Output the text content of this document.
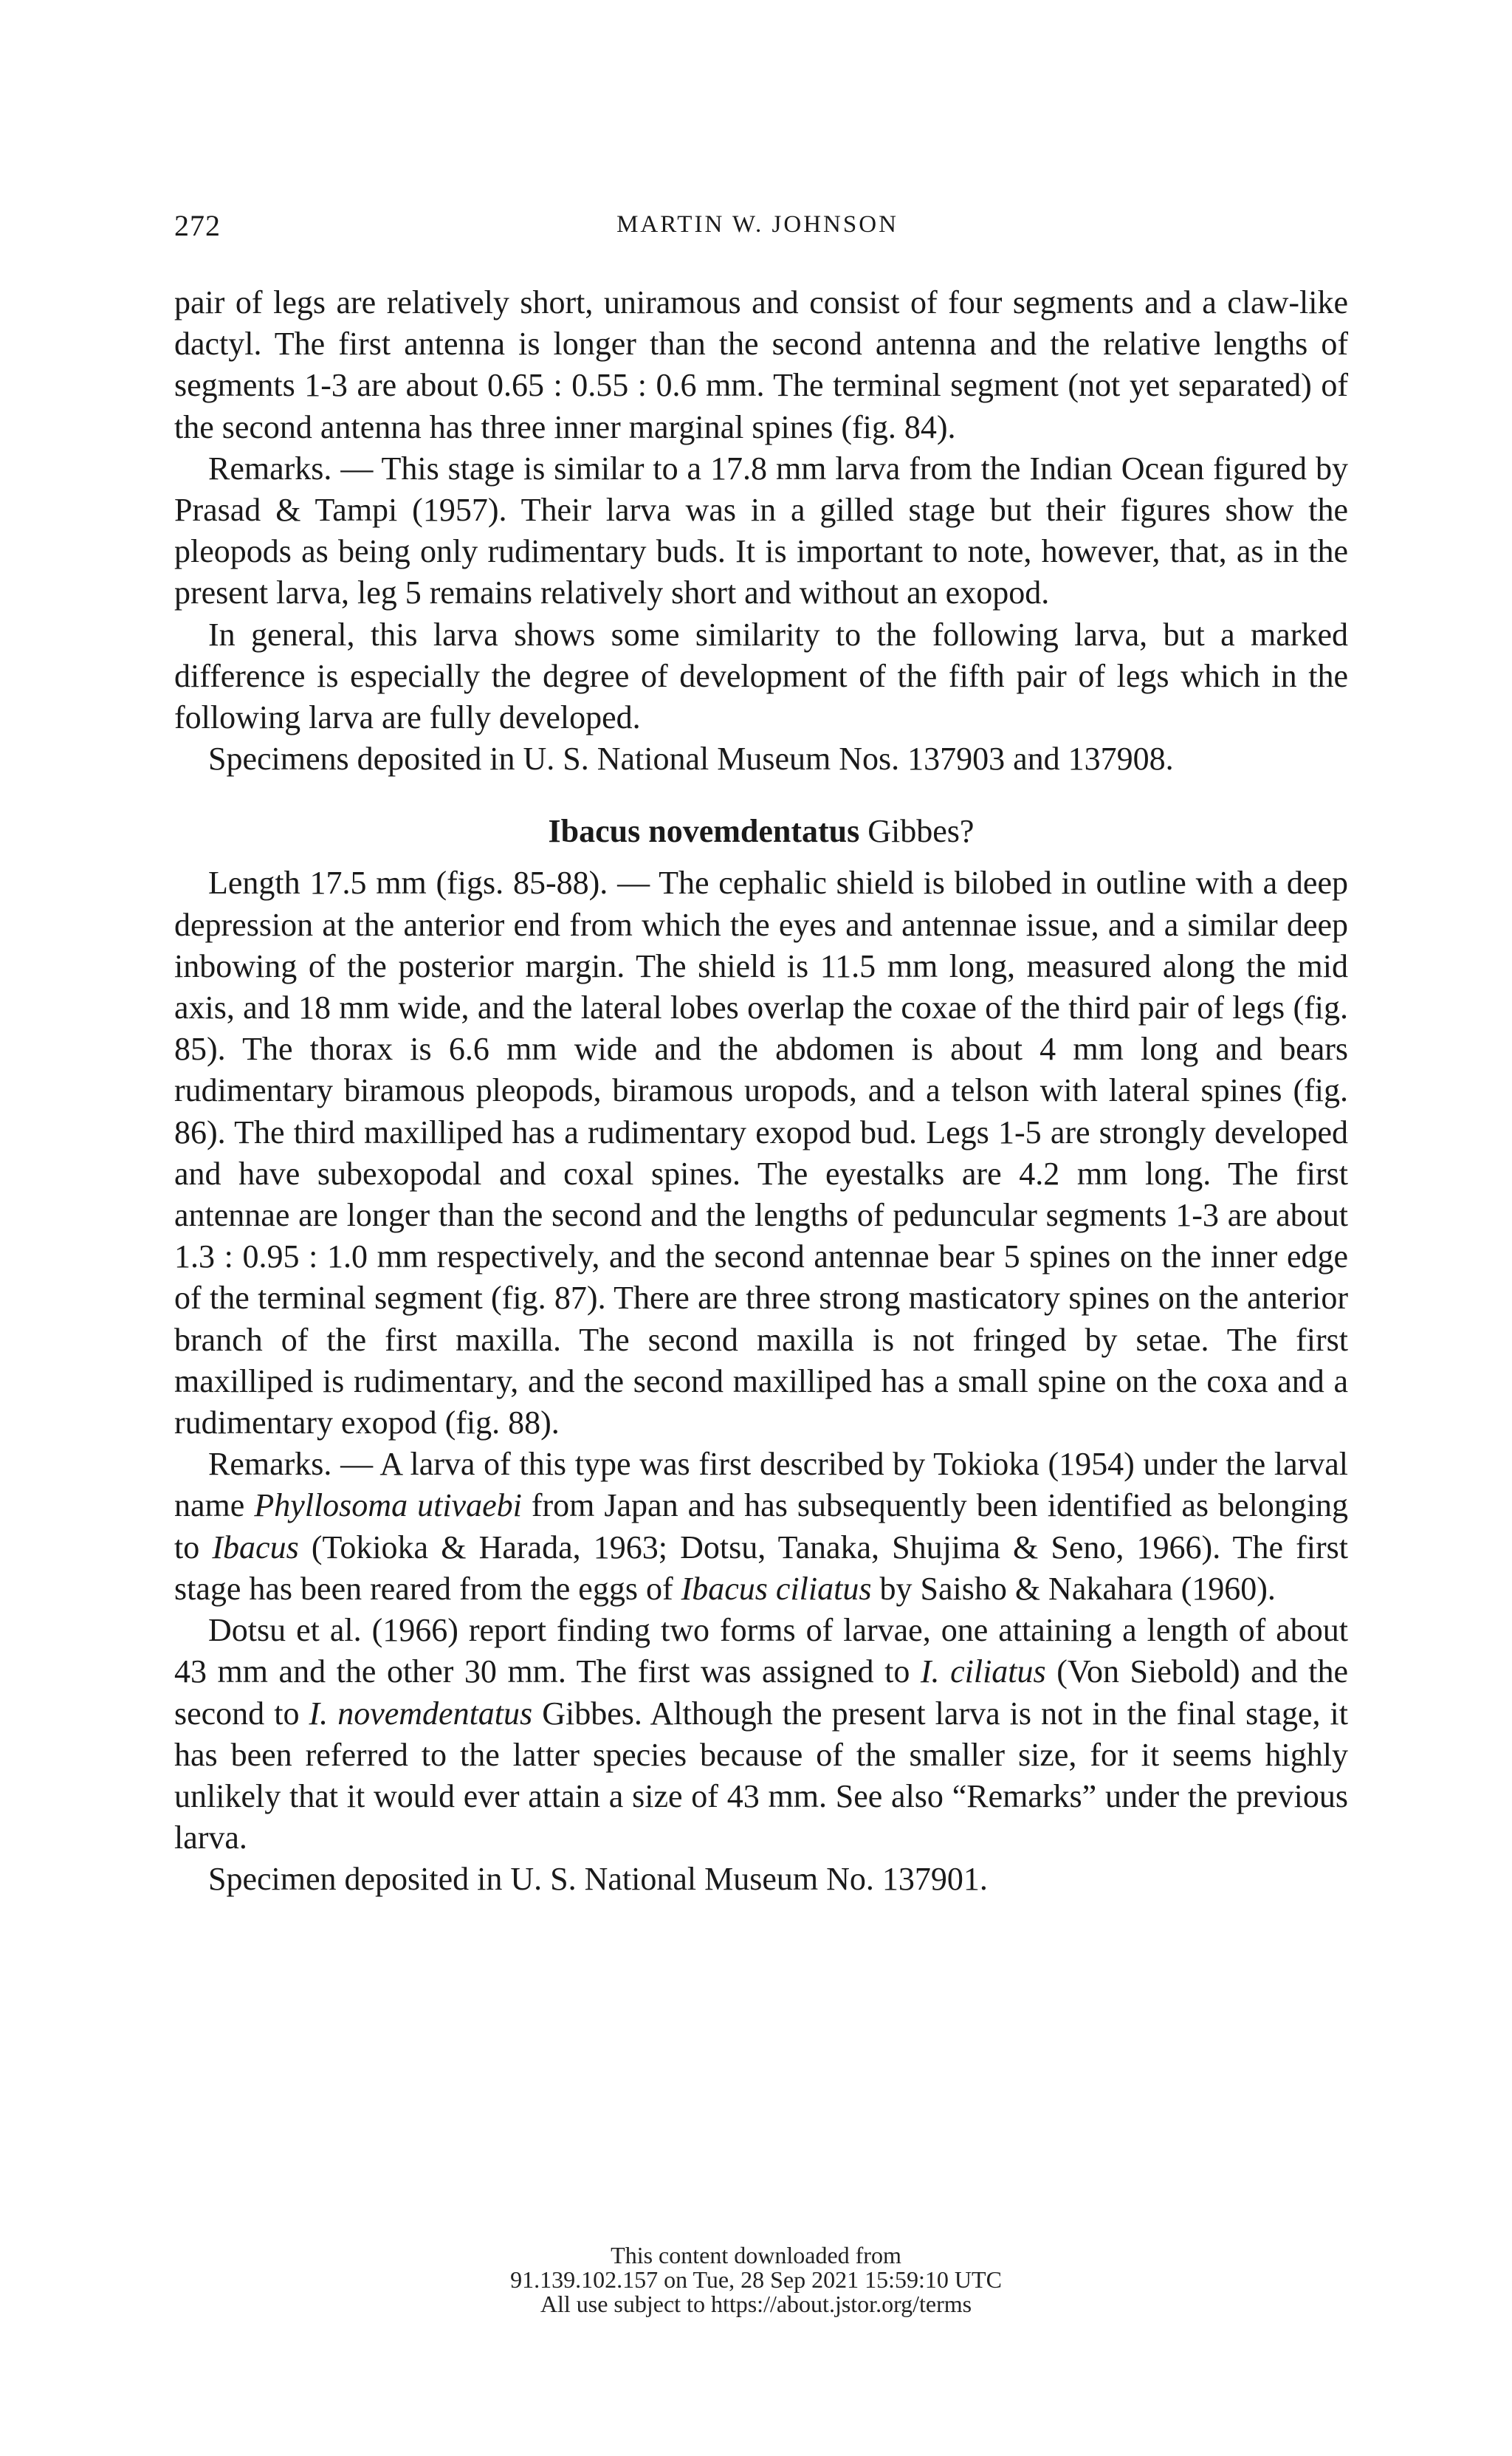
272	MARTIN W. JOHNSON

pair of legs are relatively short, uniramous and consist of four segments and a claw-like dactyl. The first antenna is longer than the second antenna and the relative lengths of segments 1-3 are about 0.65 : 0.55 : 0.6 mm. The terminal segment (not yet separated) of the second antenna has three inner marginal spines (fig. 84).

Remarks. — This stage is similar to a 17.8 mm larva from the Indian Ocean figured by Prasad & Tampi (1957). Their larva was in a gilled stage but their figures show the pleopods as being only rudimentary buds. It is important to note, however, that, as in the present larva, leg 5 remains relatively short and without an exopod.

In general, this larva shows some similarity to the following larva, but a marked difference is especially the degree of development of the fifth pair of legs which in the following larva are fully developed.

Specimens deposited in U. S. National Museum Nos. 137903 and 137908.

Ibacus novemdentatus Gibbes?

Length 17.5 mm (figs. 85-88). — The cephalic shield is bilobed in outline with a deep depression at the anterior end from which the eyes and antennae issue, and a similar deep inbowing of the posterior margin. The shield is 11.5 mm long, measured along the mid axis, and 18 mm wide, and the lateral lobes overlap the coxae of the third pair of legs (fig. 85). The thorax is 6.6 mm wide and the abdomen is about 4 mm long and bears rudimentary biramous pleopods, biramous uropods, and a telson with lateral spines (fig. 86). The third maxilliped has a rudimentary exopod bud. Legs 1-5 are strongly developed and have subexopodal and coxal spines. The eyestalks are 4.2 mm long. The first antennae are longer than the second and the lengths of peduncular segments 1-3 are about 1.3 : 0.95 : 1.0 mm respectively, and the second antennae bear 5 spines on the inner edge of the terminal segment (fig. 87). There are three strong masticatory spines on the anterior branch of the first maxilla. The second maxilla is not fringed by setae. The first maxilliped is rudimentary, and the second maxilliped has a small spine on the coxa and a rudimentary exopod (fig. 88).

Remarks. — A larva of this type was first described by Tokioka (1954) under the larval name Phyllosoma utivaebi from Japan and has subsequently been identified as belonging to Ibacus (Tokioka & Harada, 1963; Dotsu, Tanaka, Shujima & Seno, 1966). The first stage has been reared from the eggs of Ibacus ciliatus by Saisho & Nakahara (1960).

Dotsu et al. (1966) report finding two forms of larvae, one attaining a length of about 43 mm and the other 30 mm. The first was assigned to I. ciliatus (Von Siebold) and the second to I. novemdentatus Gibbes. Although the present larva is not in the final stage, it has been referred to the latter species because of the smaller size, for it seems highly unlikely that it would ever attain a size of 43 mm. See also “Remarks” under the previous larva.

Specimen deposited in U. S. National Museum No. 137901.

This content downloaded from
91.139.102.157 on Tue, 28 Sep 2021 15:59:10 UTC
All use subject to https://about.jstor.org/terms
